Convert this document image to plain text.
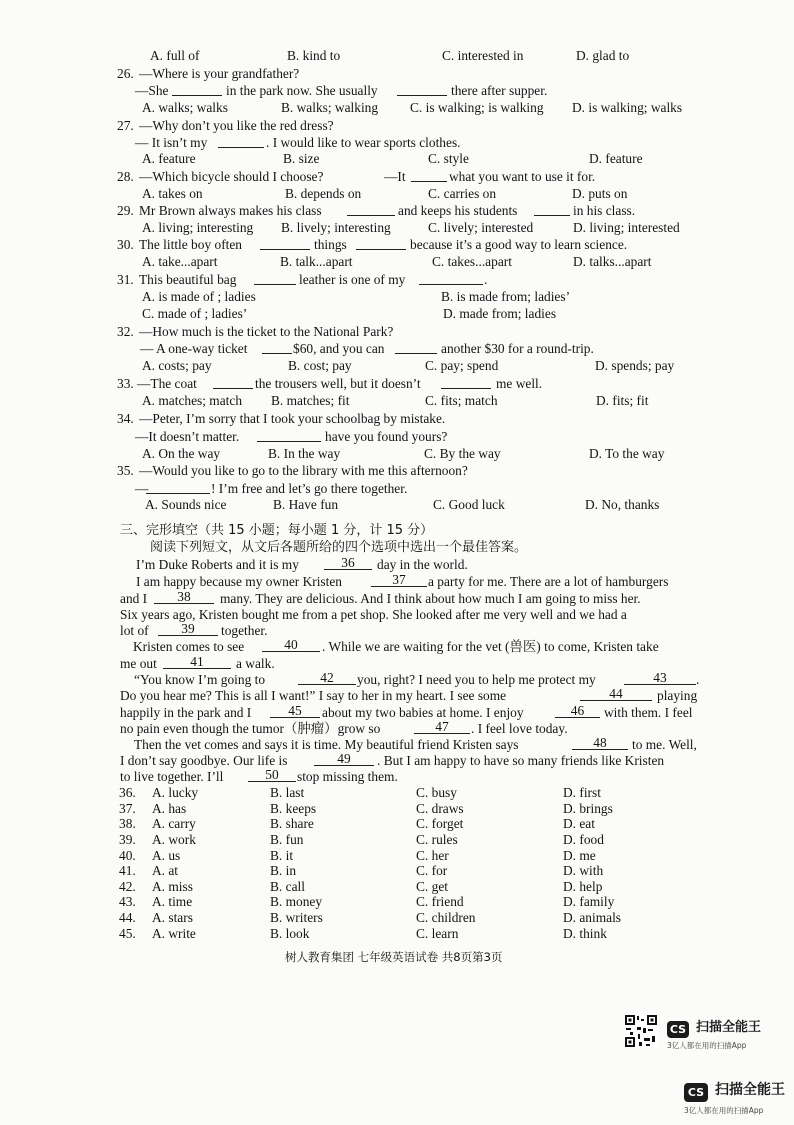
A. full of	B. kind to	C. interested in	D. glad to
26. —Where is your grandfather?
—She	in the park now. She usually	there after supper.
A. walks; walks	B. walks; walking C. is walking; is walking D. is walking; walks
27. —Why don’t you like the red dress?
— It isn’t my	. I would like to wear sports clothes.
A. feature	B. size	C. style	D. feature
28. —Which bicycle should I choose?	—It	what you want to use it for.
A. takes on	B. depends on	C. carries on	D. puts on
29. Mr Brown always makes his class	and keeps his students	in his class.
A. living; interesting B. lively; interesting	C. lively; interested	D. living; interested
30. The little boy often	things	because it’s a good way to learn science.
A. take...apart	B. talk...apart	C. takes...apart	D. talks...apart
31. This beautiful bag	leather is one of my	.
A. is made of ; ladies	B. is made from; ladies’
C. made of ; ladies’	D. made from; ladies
32. —How much is the ticket to the National Park?
— A one-way ticket	$60, and you can	another $30 for a round-trip.
A. costs; pay	B. cost; pay	C. pay; spend	D. spends; pay
33. —The coat	the trousers well, but it doesn’t	me well.
A. matches; match B. matches; fit	C. fits; match	D. fits; fit
34. —Peter, I’m sorry that I took your schoolbag by mistake.
—It doesn’t matter.	have you found yours?
A. On the way	B. In the way	C. By the way	D. To the way
35. —Would you like to go to the library with me this afternoon?
—	! I’m free and let’s go there together.
A. Sounds nice	B. Have fun	C. Good luck	D. No, thanks
三、完形填空（共 15 小题；每小题 1 分，计 15 分）
阅读下列短文，从文后各题所给的四个选项中选出一个最佳答案。
I’m Duke Roberts and it is my	36	day in the world.
I am happy because my owner Kristen	37	a party for me. There are a lot of hamburgers
and I	38	many. They are delicious. And I think about how much I am going to miss her.
Six years ago, Kristen bought me from a pet shop. She looked after me very well and we had a
lot of	39	together.
Kristen comes to see	40	. While we are waiting for the vet (兽医) to come, Kristen take
me out	41	a walk.
“You know I’m going to	42	you, right? I need you to help me protect my	43	.
Do you hear me? This is all I want!” I say to her in my heart. I see some	44	playing
happily in the park and I	45	about my two babies at home. I enjoy	46	with them. I feel
no pain even though the tumor（肿瘤）grow so	47	. I feel love today.
Then the vet comes and says it is time. My beautiful friend Kristen says	48	to me. Well,
I don’t say goodbye. Our life is	49	. But I am happy to have so many friends like Kristen
to live together. I’ll	50	stop missing them.
36. A. lucky	B. last	C. busy	D. first
37. A. has	B. keeps	C. draws	D. brings
38. A. carry	B. share	C. forget	D. eat
39. A. work	B. fun	C. rules	D. food
40. A. us	B. it	C. her	D. me
41. A. at	B. in	C. for	D. with
42. A. miss	B. call	C. get	D. help
43. A. time	B. money	C. friend	D. family
44. A. stars	B. writers	C. children	D. animals
45. A. write	B. look	C. learn	D. think
树人教育集团 七年级英语试卷 共8页第3页
CS 扫描全能王
3亿人都在用的扫描App
CS 扫描全能王
3亿人都在用的扫描App
